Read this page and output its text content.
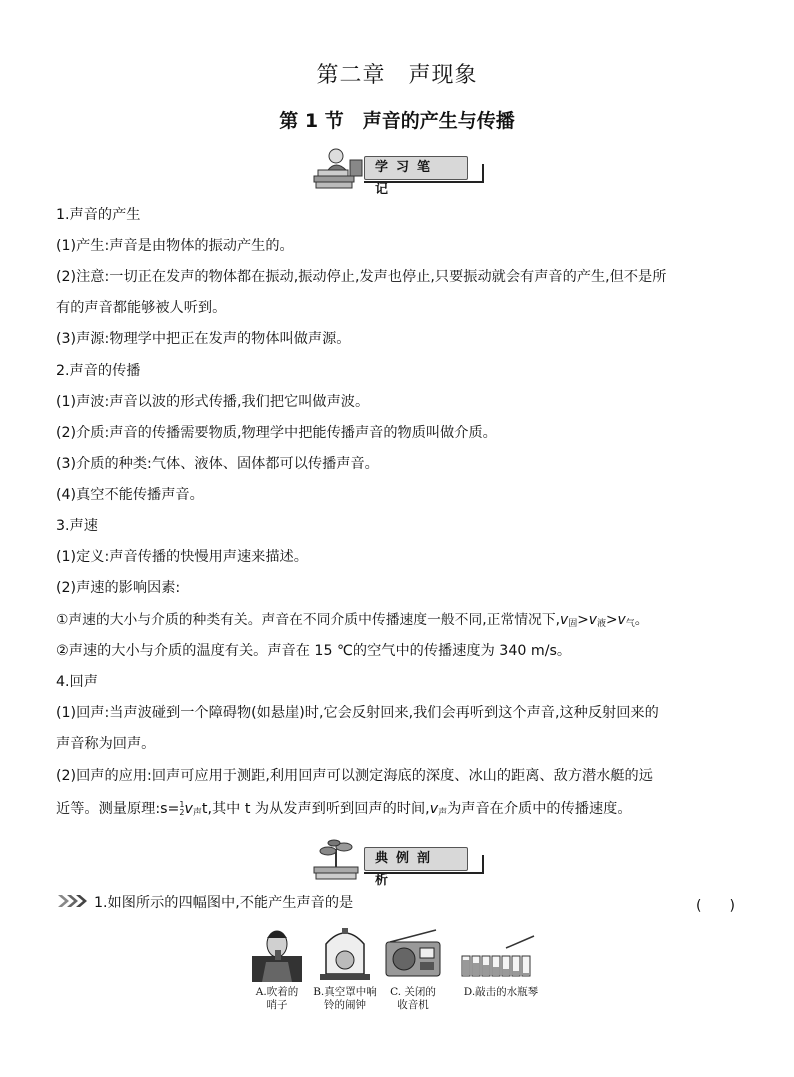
第二章　声现象
第 1 节　声音的产生与传播
学习笔记
1.声音的产生
(1)产生:声音是由物体的振动产生的。
(2)注意:一切正在发声的物体都在振动,振动停止,发声也停止,只要振动就会有声音的产生,但不是所
有的声音都能够被人听到。
(3)声源:物理学中把正在发声的物体叫做声源。
2.声音的传播
(1)声波:声音以波的形式传播,我们把它叫做声波。
(2)介质:声音的传播需要物质,物理学中把能传播声音的物质叫做介质。
(3)介质的种类:气体、液体、固体都可以传播声音。
(4)真空不能传播声音。
3.声速
(1)定义:声音传播的快慢用声速来描述。
(2)声速的影响因素:
①声速的大小与介质的种类有关。声音在不同介质中传播速度一般不同,正常情况下$,v_固>v_液>v_气$。
②声速的大小与介质的温度有关。声音在 15 ℃的空气中的传播速度为 340 m/s。
4.回声
(1)回声:当声波碰到一个障碍物(如悬崖)时,它会反射回来,我们会再听到这个声音,这种反射回来的
声音称为回声。
(2)回声的应用:回声可应用于测距,利用回声可以测定海底的深度、冰山的距离、敌方潜水艇的远
近等。测量原理:s=1
$2v_声t$,其中 t 为从发声到听到回声的时间$,v_声$为声音在介质中的传播速度。
典例剖析
1.如图所示的四幅图中,不能产生声音的是	(　　)
A.吹着的
哨子
B.真空罩中响
铃的闹钟
C. 关闭的
收音机
D.敲击的水瓶琴
